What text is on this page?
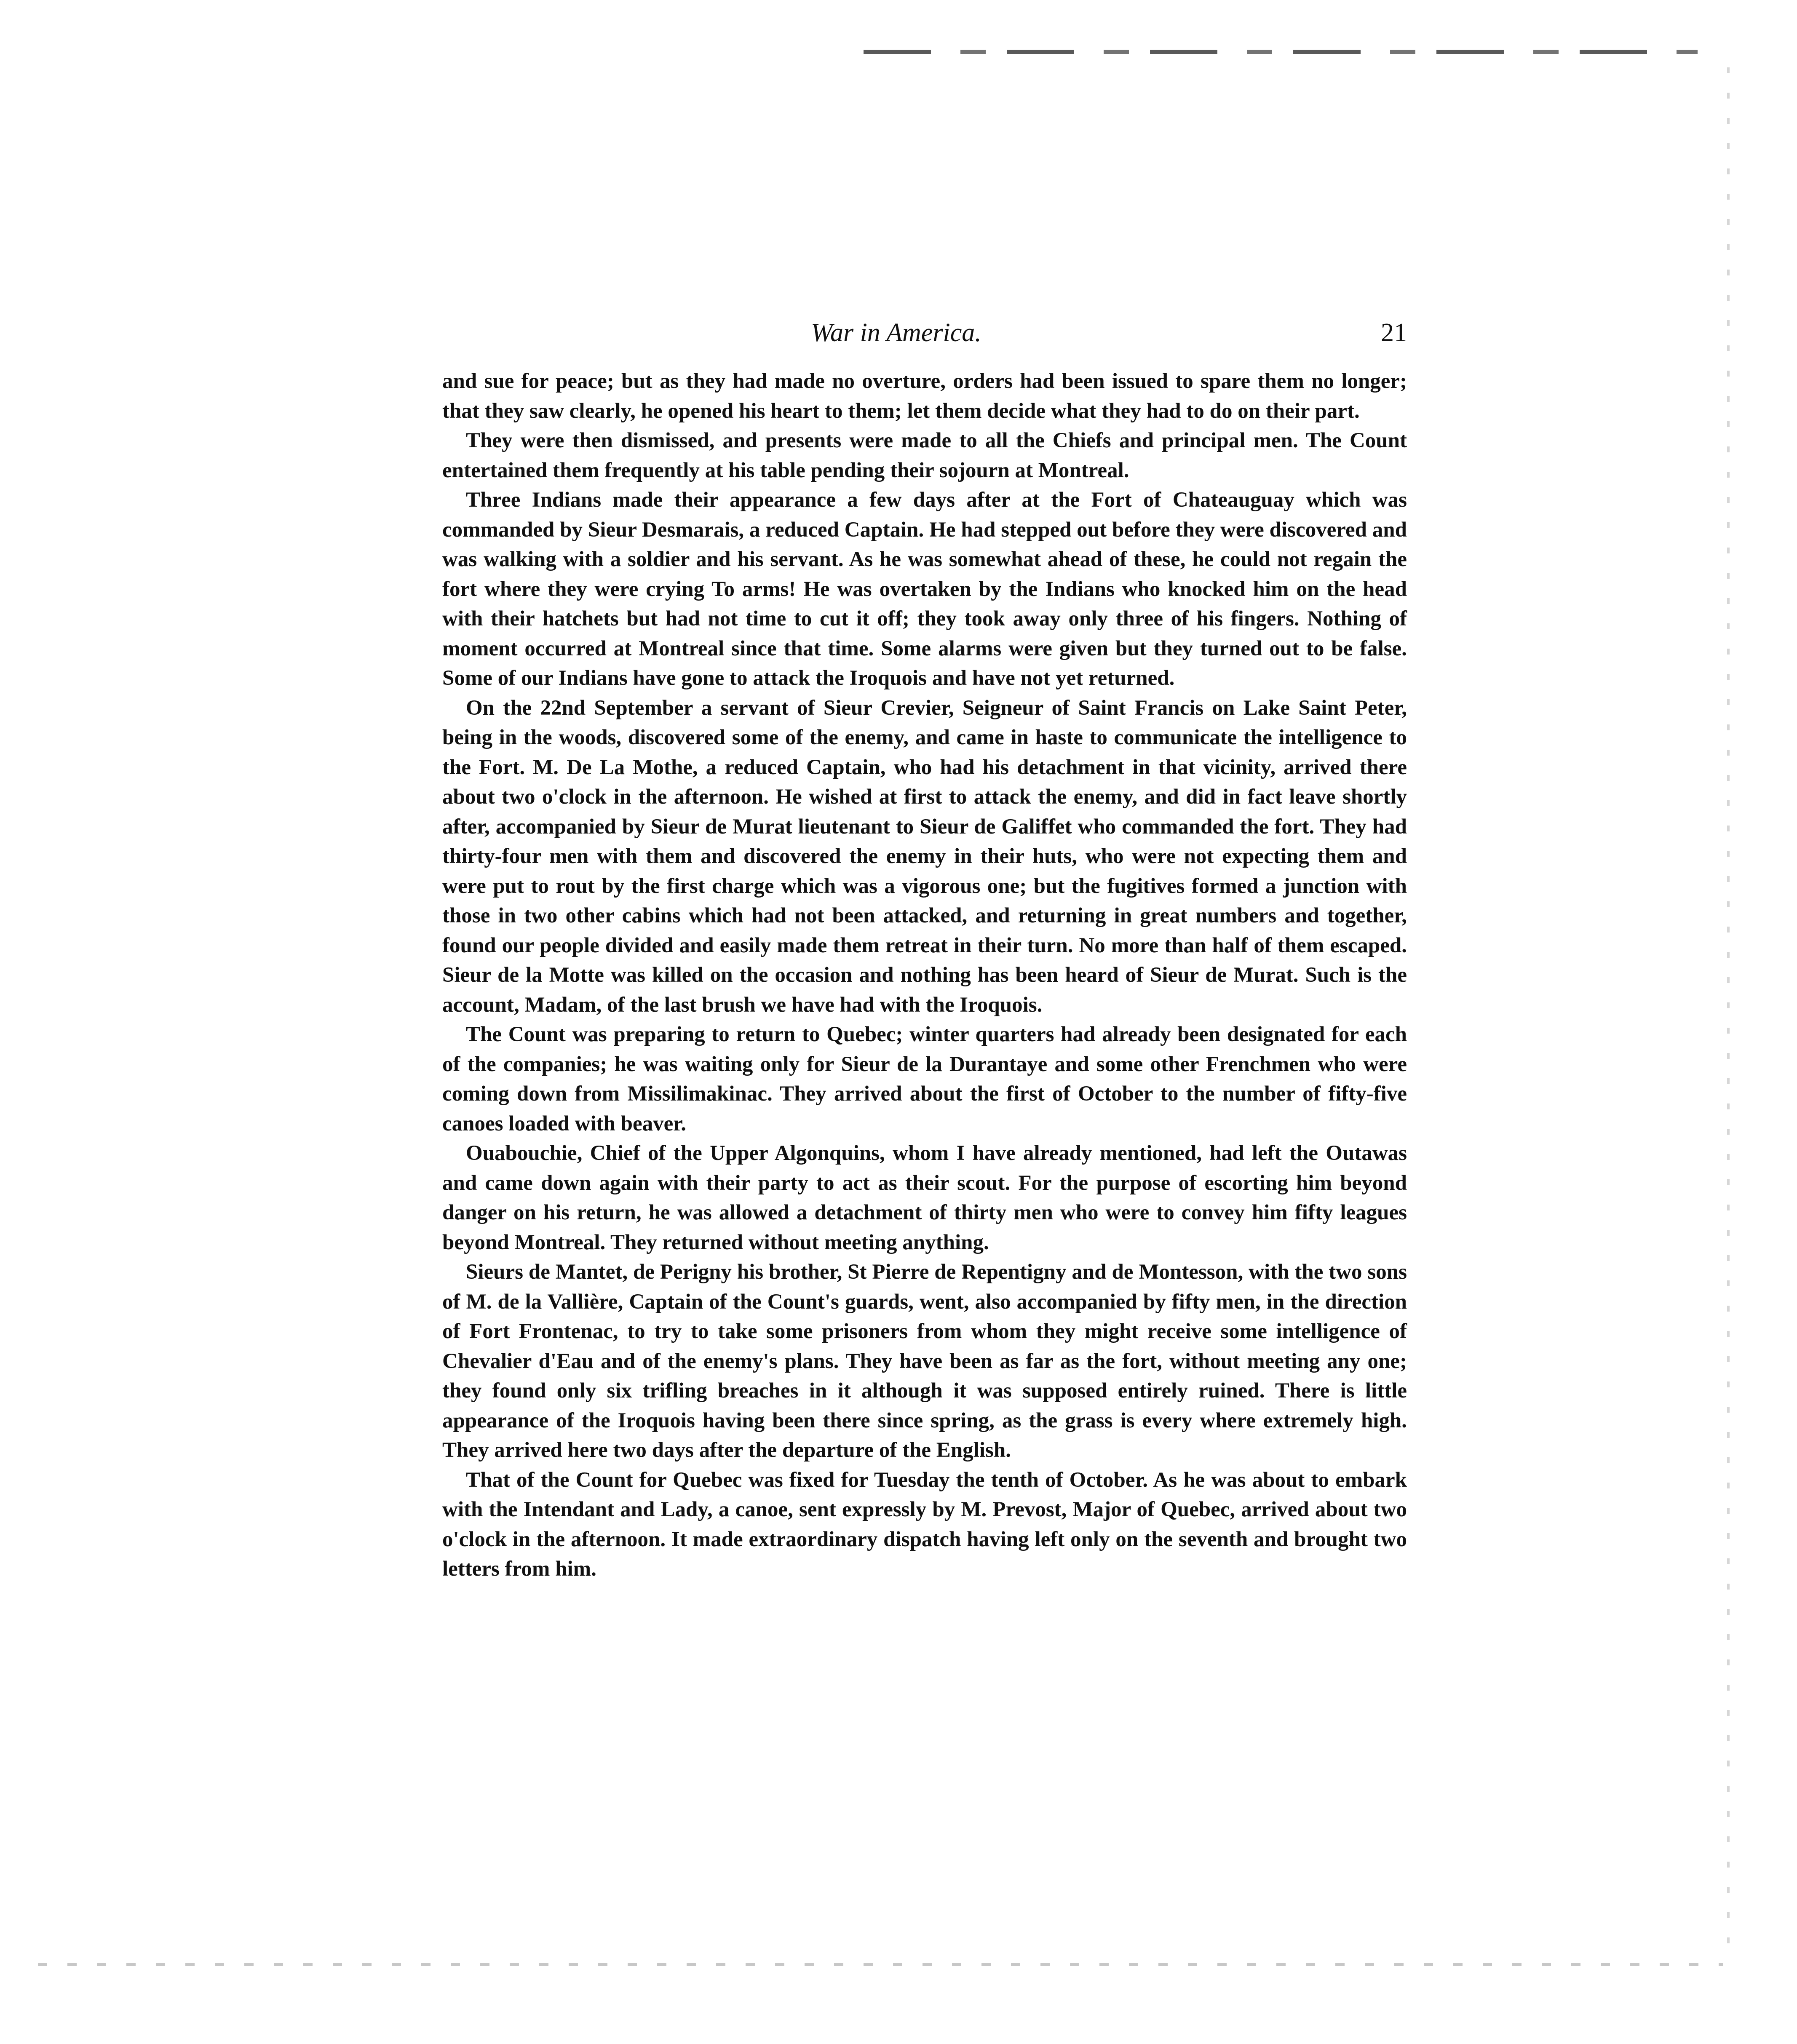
War in America.	21

and sue for peace; but as they had made no overture, orders had been issued to spare them no longer; that they saw clearly, he opened his heart to them; let them decide what they had to do on their part.

They were then dismissed, and presents were made to all the Chiefs and principal men. The Count entertained them frequently at his table pending their sojourn at Montreal.

Three Indians made their appearance a few days after at the Fort of Chateauguay which was commanded by Sieur Desmarais, a reduced Captain. He had stepped out before they were discovered and was walking with a soldier and his servant. As he was somewhat ahead of these, he could not regain the fort where they were crying To arms! He was overtaken by the Indians who knocked him on the head with their hatchets but had not time to cut it off; they took away only three of his fingers. Nothing of moment occurred at Montreal since that time. Some alarms were given but they turned out to be false. Some of our Indians have gone to attack the Iroquois and have not yet returned.

On the 22nd September a servant of Sieur Crevier, Seigneur of Saint Francis on Lake Saint Peter, being in the woods, discovered some of the enemy, and came in haste to communicate the intelligence to the Fort. M. De La Mothe, a reduced Captain, who had his detachment in that vicinity, arrived there about two o'clock in the afternoon. He wished at first to attack the enemy, and did in fact leave shortly after, accompanied by Sieur de Murat lieutenant to Sieur de Galiffet who commanded the fort. They had thirty-four men with them and discovered the enemy in their huts, who were not expecting them and were put to rout by the first charge which was a vigorous one; but the fugitives formed a junction with those in two other cabins which had not been attacked, and returning in great numbers and together, found our people divided and easily made them retreat in their turn. No more than half of them escaped. Sieur de la Motte was killed on the occasion and nothing has been heard of Sieur de Murat. Such is the account, Madam, of the last brush we have had with the Iroquois.

The Count was preparing to return to Quebec; winter quarters had already been designated for each of the companies; he was waiting only for Sieur de la Durantaye and some other Frenchmen who were coming down from Missilimakinac. They arrived about the first of October to the number of fifty-five canoes loaded with beaver.

Ouabouchie, Chief of the Upper Algonquins, whom I have already mentioned, had left the Outawas and came down again with their party to act as their scout. For the purpose of escorting him beyond danger on his return, he was allowed a detachment of thirty men who were to convey him fifty leagues beyond Montreal. They returned without meeting anything.

Sieurs de Mantet, de Perigny his brother, St Pierre de Repentigny and de Montesson, with the two sons of M. de la Vallière, Captain of the Count's guards, went, also accompanied by fifty men, in the direction of Fort Frontenac, to try to take some prisoners from whom they might receive some intelligence of Chevalier d'Eau and of the enemy's plans. They have been as far as the fort, without meeting any one; they found only six trifling breaches in it although it was supposed entirely ruined. There is little appearance of the Iroquois having been there since spring, as the grass is every where extremely high. They arrived here two days after the departure of the English.

That of the Count for Quebec was fixed for Tuesday the tenth of October. As he was about to embark with the Intendant and Lady, a canoe, sent expressly by M. Prevost, Major of Quebec, arrived about two o'clock in the afternoon. It made extraordinary dispatch having left only on the seventh and brought two letters from him.
